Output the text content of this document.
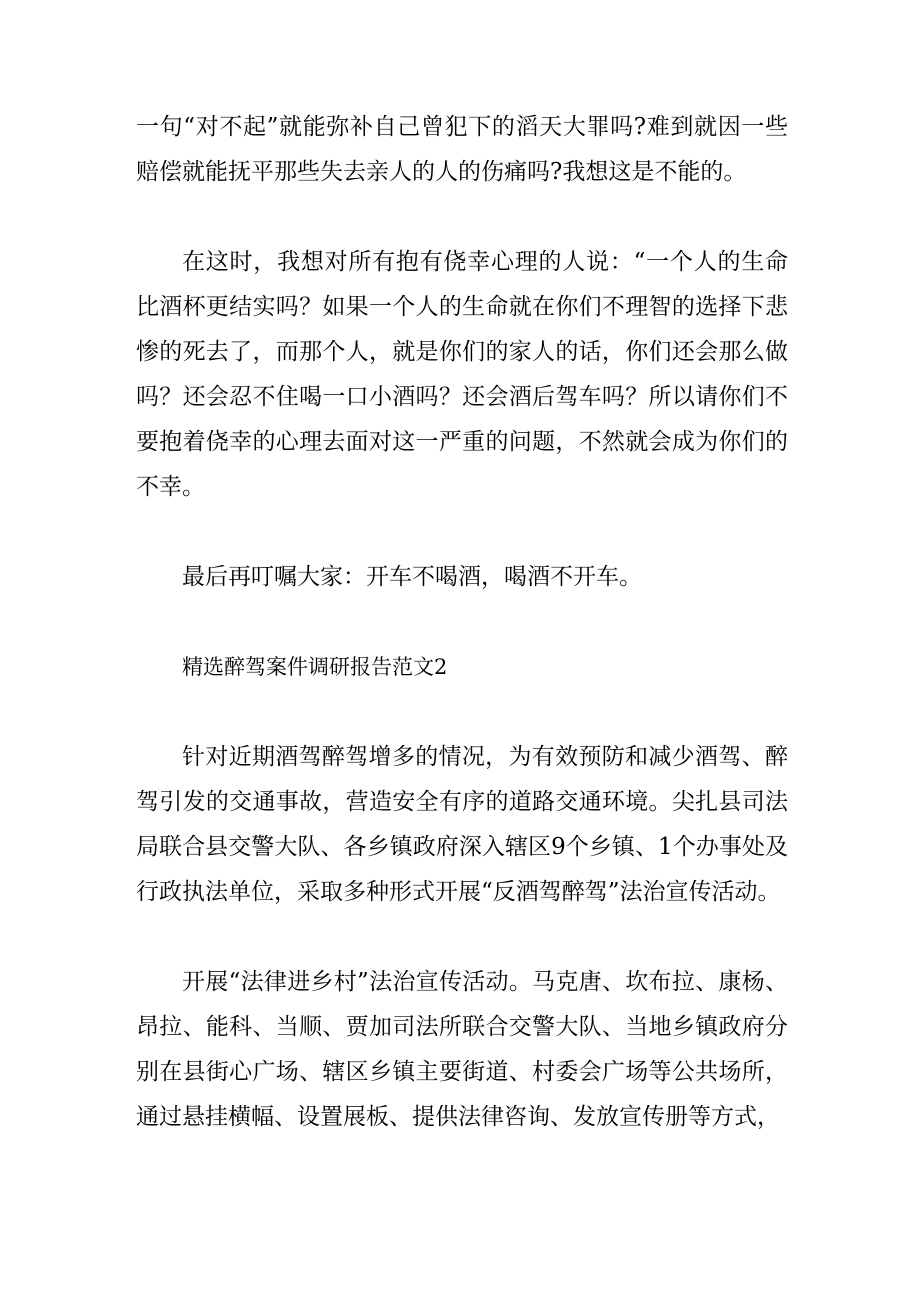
一句“对不起”就能弥补自己曾犯下的滔天大罪吗?难到就因一些赔偿就能抚平那些失去亲人的人的伤痛吗?我想这是不能的。

在这时，我想对所有抱有侥幸心理的人说：“一个人的生命比酒杯更结实吗？如果一个人的生命就在你们不理智的选择下悲惨的死去了，而那个人，就是你们的家人的话，你们还会那么做吗？还会忍不住喝一口小酒吗？还会酒后驾车吗？所以请你们不要抱着侥幸的心理去面对这一严重的问题，不然就会成为你们的不幸。

最后再叮嘱大家：开车不喝酒，喝酒不开车。

精选醉驾案件调研报告范文2

针对近期酒驾醉驾增多的情况，为有效预防和减少酒驾、醉驾引发的交通事故，营造安全有序的道路交通环境。尖扎县司法局联合县交警大队、各乡镇政府深入辖区9个乡镇、1个办事处及行政执法单位，采取多种形式开展“反酒驾醉驾”法治宣传活动。

开展“法律进乡村”法治宣传活动。马克唐、坎布拉、康杨、昂拉、能科、当顺、贾加司法所联合交警大队、当地乡镇政府分别在县街心广场、辖区乡镇主要街道、村委会广场等公共场所，通过悬挂横幅、设置展板、提供法律咨询、发放宣传册等方式，
